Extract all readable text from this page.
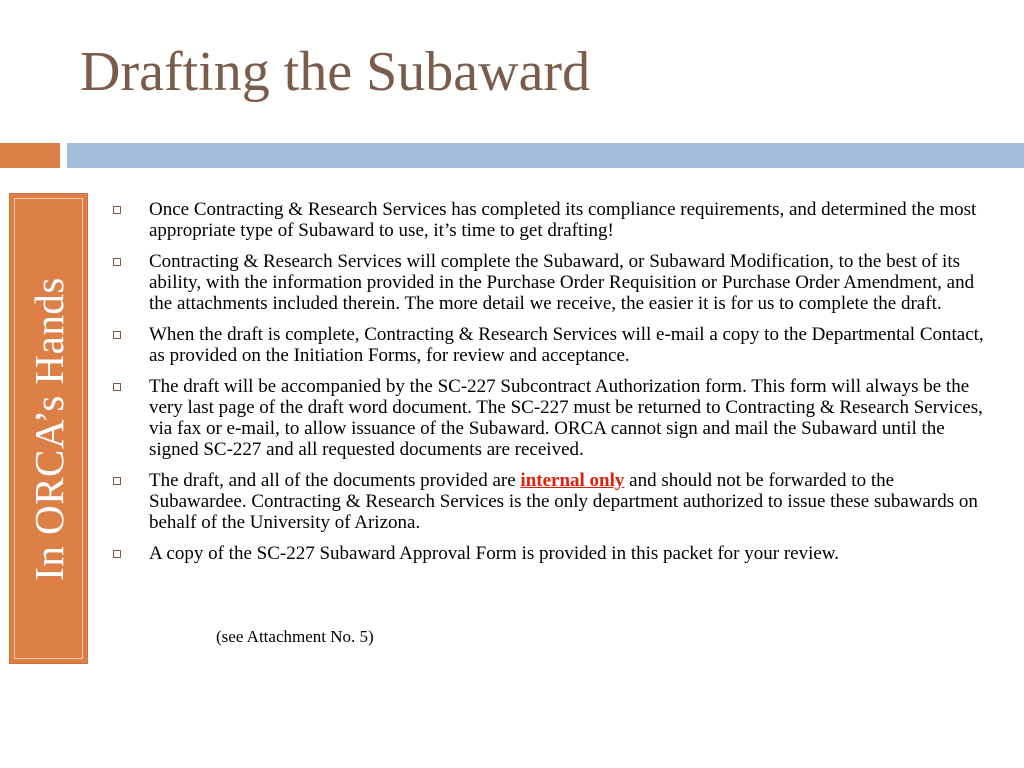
Drafting the Subaward
In ORCA’s Hands
Once Contracting & Research Services has completed its compliance requirements, and determined the most appropriate type of Subaward to use, it’s time to get drafting!
Contracting & Research Services will complete the Subaward, or Subaward Modification, to the best of its ability, with the information provided in the Purchase Order Requisition or Purchase Order Amendment, and the attachments included therein. The more detail we receive, the easier it is for us to complete the draft.
When the draft is complete, Contracting & Research Services will e-mail a copy to the Departmental Contact, as provided on the Initiation Forms, for review and acceptance.
The draft will be accompanied by the SC-227 Subcontract Authorization form. This form will always be the very last page of the draft word document. The SC-227 must be returned to Contracting & Research Services, via fax or e-mail, to allow issuance of the Subaward. ORCA cannot sign and mail the Subaward until the signed SC-227 and all requested documents are received.
The draft, and all of the documents provided are internal only and should not be forwarded to the Subawardee. Contracting & Research Services is the only department authorized to issue these subawards on behalf of the University of Arizona.
A copy of the SC-227 Subaward Approval Form is provided in this packet for your review.
(see Attachment No. 5)
